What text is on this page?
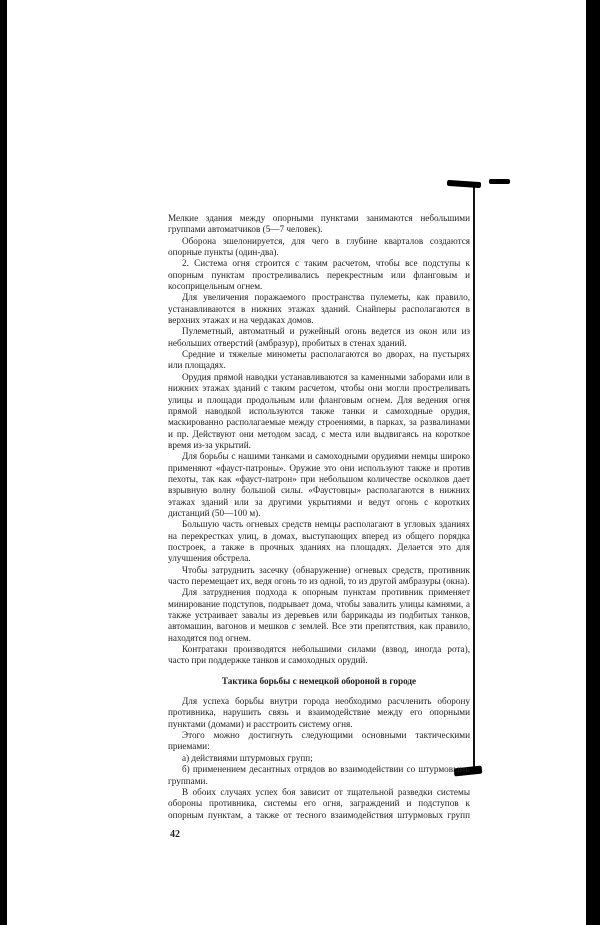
Мелкие здания между опорными пунктами занимаются небольшими группами автоматчиков (5—7 человек).

Оборона эшелонируется, для чего в глубине кварталов создаются опорные пункты (один-два).

2. Система огня строится с таким расчетом, чтобы все подступы к опорным пунктам простреливались перекрестным или фланговым и косоприцельным огнем.

Для увеличения поражаемого пространства пулеметы, как правило, устанавливаются в нижних этажах зданий. Снайперы располагаются в верхних этажах и на чердаках домов.

Пулеметный, автоматный и ружейный огонь ведется из окон или из небольших отверстий (амбразур), пробитых в стенах зданий.

Средние и тяжелые минометы располагаются во дворах, на пустырях или площадях.

Орудия прямой наводки устанавливаются за каменными заборами или в нижних этажах зданий с таким расчетом, чтобы они могли простреливать улицы и площади продольным или фланговым огнем. Для ведения огня прямой наводкой используются также танки и самоходные орудия, маскированно располагаемые между строениями, в парках, за развалинами и пр. Действуют они методом засад, с места или выдвигаясь на короткое время из-за укрытий.

Для борьбы с нашими танками и самоходными орудиями немцы широко применяют «фауст-патроны». Оружие это они используют также и против пехоты, так как «фауст-патрон» при небольшом количестве осколков дает взрывную волну большой силы. «Фаустовцы» располагаются в нижних этажах зданий или за другими укрытиями и ведут огонь с коротких дистанций (50—100 м).

Большую часть огневых средств немцы располагают в угловых зданиях на перекрестках улиц, в домах, выступающих вперед из общего порядка построек, а также в прочных зданиях на площадях. Делается это для улучшения обстрела.

Чтобы затруднить засечку (обнаружение) огневых средств, противник часто перемещает их, ведя огонь то из одной, то из другой амбразуры (окна).

Для затруднения подхода к опорным пунктам противник применяет минирование подступов, подрывает дома, чтобы завалить улицы камнями, а также устраивает завалы из деревьев или баррикады из подбитых танков, автомашин, вагонов и мешков с землей. Все эти препятствия, как правило, находятся под огнем.

Контратаки производятся небольшими силами (взвод, иногда рота), часто при поддержке танков и самоходных орудий.

Тактика борьбы с немецкой обороной в городе

Для успеха борьбы внутри города необходимо расчленить оборону противника, нарушить связь и взаимодействие между его опорными пунктами (домами) и расстроить систему огня.

Этого можно достигнуть следующими основными тактическими приемами:

а) действиями штурмовых групп;

б) применением десантных отрядов во взаимодействии со штурмовыми группами.

В обоих случаях успех боя зависит от тщательной разведки системы обороны противника, системы его огня, заграждений и подступов к опорным пунктам, а также от тесного взаимодействия штурмовых групп

42
